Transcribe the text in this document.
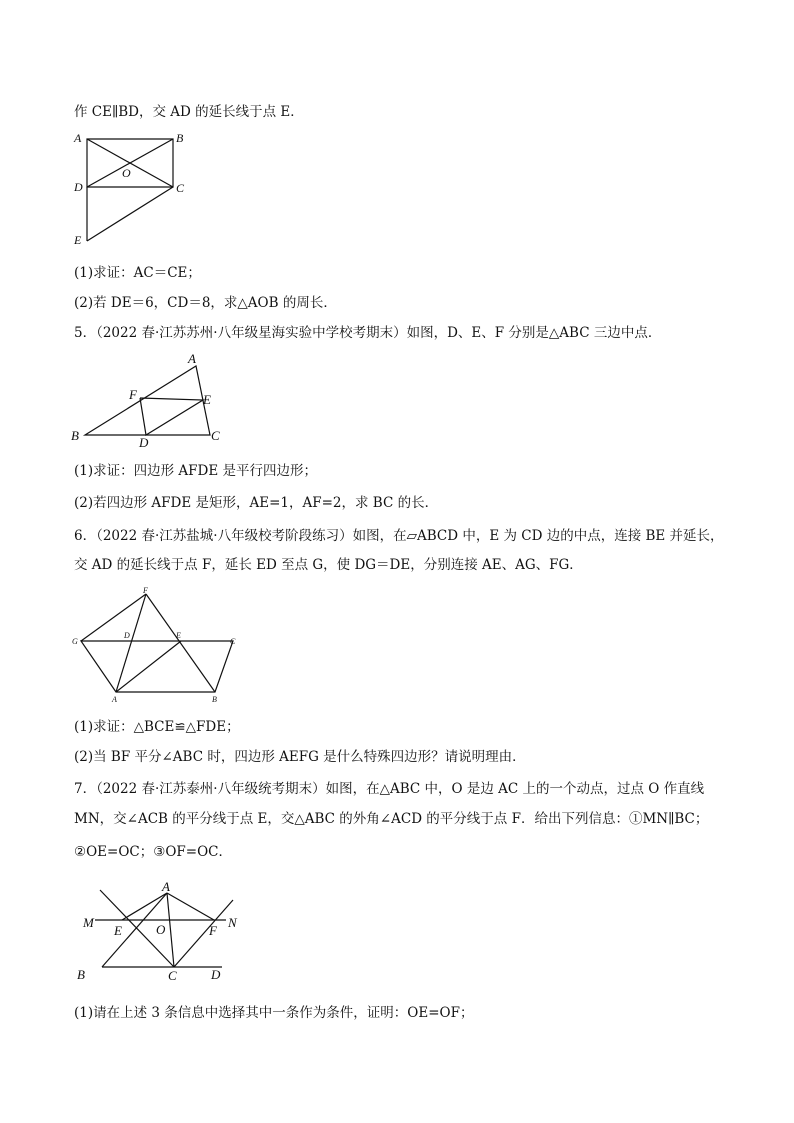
作 CE∥BD，交 AD 的延长线于点 E．
A	B
O
D	C
E
(1)求证：AC＝CE；
(2)若 DE＝6，CD＝8，求△AOB 的周长．
5．（2022 春·江苏苏州·八年级星海实验中学校考期末）如图，D、E、F 分别是△ABC 三边中点．
A
F	E
B	D	C
(1)求证：四边形 AFDE 是平行四边形；
(2)若四边形 AFDE 是矩形，AE=1，AF=2，求 BC 的长．
6．（2022 春·江苏盐城·八年级校考阶段练习）如图，在▱ABCD 中，E 为 CD 边的中点，连接 BE 并延长，
交 AD 的延长线于点 F，延长 ED 至点 G，使 DG＝DE，分别连接 AE、AG、FG．
F
G
D	E
C
A	B
(1)求证：△BCE≌△FDE；
(2)当 BF 平分∠ABC 时，四边形 AEFG 是什么特殊四边形？请说明理由．
7．（2022 春·江苏泰州·八年级统考期末）如图，在△ABC 中，O 是边 AC 上的一个动点，过点 O 作直线
MN，交∠ACB 的平分线于点 E，交△ABC 的外角∠ACD 的平分线于点 F．给出下列信息：①MN∥BC；
②OE=OC；③OF=OC．
A
M	N
E	O	F
B	C	D
(1)请在上述 3 条信息中选择其中一条作为条件，证明：OE=OF；
